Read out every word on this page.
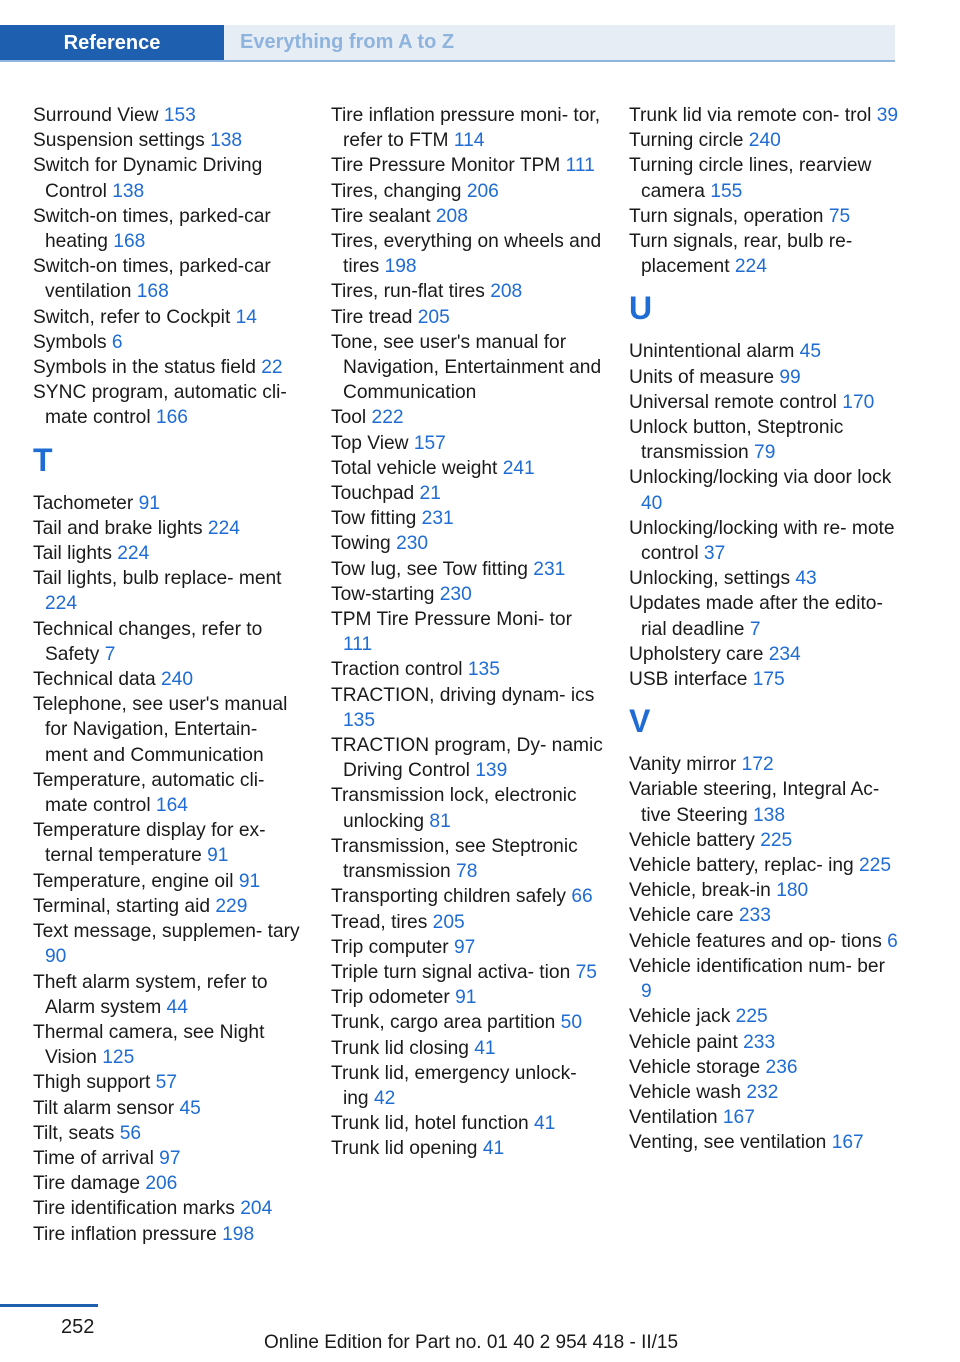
Reference	Everything from A to Z
Surround View 153
Suspension settings 138
Switch for Dynamic Driving Control 138
Switch-on times, parked-car heating 168
Switch-on times, parked-car ventilation 168
Switch, refer to Cockpit 14
Symbols 6
Symbols in the status field 22
SYNC program, automatic cli- mate control 166
T
Tachometer 91
Tail and brake lights 224
Tail lights 224
Tail lights, bulb replace- ment 224
Technical changes, refer to Safety 7
Technical data 240
Telephone, see user's manual for Navigation, Entertain- ment and Communication
Temperature, automatic cli- mate control 164
Temperature display for ex- ternal temperature 91
Temperature, engine oil 91
Terminal, starting aid 229
Text message, supplemen- tary 90
Theft alarm system, refer to Alarm system 44
Thermal camera, see Night Vision 125
Thigh support 57
Tilt alarm sensor 45
Tilt, seats 56
Time of arrival 97
Tire damage 206
Tire identification marks 204
Tire inflation pressure 198
Tire inflation pressure moni- tor, refer to FTM 114
Tire Pressure Monitor TPM 111
Tires, changing 206
Tire sealant 208
Tires, everything on wheels and tires 198
Tires, run-flat tires 208
Tire tread 205
Tone, see user's manual for Navigation, Entertainment and Communication
Tool 222
Top View 157
Total vehicle weight 241
Touchpad 21
Tow fitting 231
Towing 230
Tow lug, see Tow fitting 231
Tow-starting 230
TPM Tire Pressure Moni- tor 111
Traction control 135
TRACTION, driving dynam- ics 135
TRACTION program, Dy- namic Driving Control 139
Transmission lock, electronic unlocking 81
Transmission, see Steptronic transmission 78
Transporting children safely 66
Tread, tires 205
Trip computer 97
Triple turn signal activa- tion 75
Trip odometer 91
Trunk, cargo area partition 50
Trunk lid closing 41
Trunk lid, emergency unlock- ing 42
Trunk lid, hotel function 41
Trunk lid opening 41
Trunk lid via remote con- trol 39
Turning circle 240
Turning circle lines, rearview camera 155
Turn signals, operation 75
Turn signals, rear, bulb re- placement 224
U
Unintentional alarm 45
Units of measure 99
Universal remote control 170
Unlock button, Steptronic transmission 79
Unlocking/locking via door lock 40
Unlocking/locking with re- mote control 37
Unlocking, settings 43
Updates made after the edito- rial deadline 7
Upholstery care 234
USB interface 175
V
Vanity mirror 172
Variable steering, Integral Ac- tive Steering 138
Vehicle battery 225
Vehicle battery, replac- ing 225
Vehicle, break-in 180
Vehicle care 233
Vehicle features and op- tions 6
Vehicle identification num- ber 9
Vehicle jack 225
Vehicle paint 233
Vehicle storage 236
Vehicle wash 232
Ventilation 167
Venting, see ventilation 167
252
Online Edition for Part no. 01 40 2 954 418 - II/15
